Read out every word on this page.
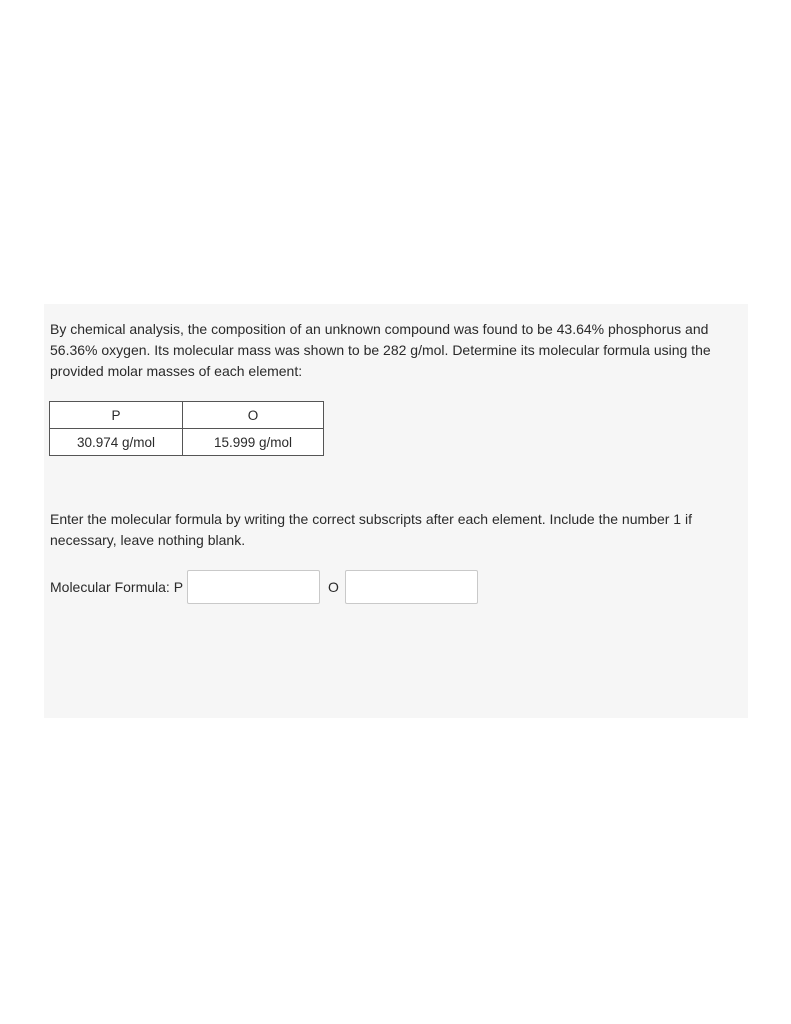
By chemical analysis, the composition of an unknown compound was found to be 43.64% phosphorus and 56.36% oxygen. Its molecular mass was shown to be 282 g/mol. Determine its molecular formula using the provided molar masses of each element:

P	O
30.974 g/mol	15.999 g/mol

Enter the molecular formula by writing the correct subscripts after each element. Include the number 1 if necessary, leave nothing blank.

Molecular Formula: P	O
